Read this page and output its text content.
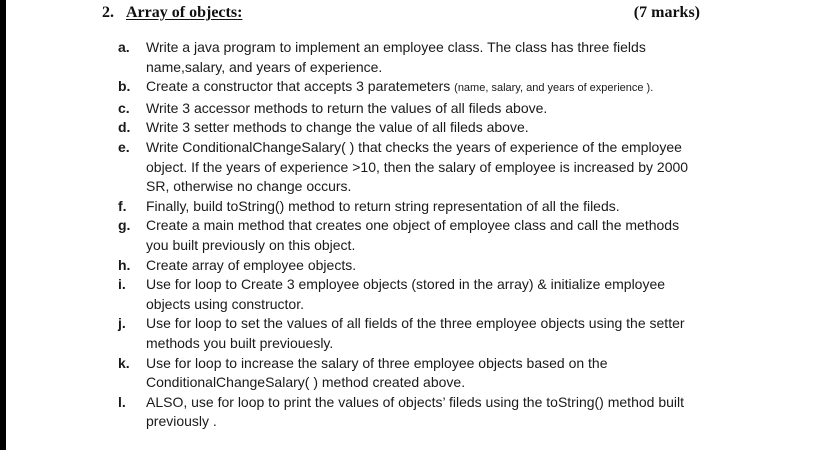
2. Array of objects:	(7 marks)
a.	Write a java program to implement an employee class. The class has three fields
name,salary, and years of experience.
b.	Create a constructor that accepts 3 paratemeters (name, salary, and years of experience ).
c.	Write 3 accessor methods to return the values of all fileds above.
d.	Write 3 setter methods to change the value of all fileds above.
e.	Write ConditionalChangeSalary( ) that checks the years of experience of the employee
object. If the years of experience >10, then the salary of employee is increased by 2000
SR, otherwise no change occurs.
f.	Finally, build toString() method to return string representation of all the fileds.
g.	Create a main method that creates one object of employee class and call the methods
you built previously on this object.
h.	Create array of employee objects.
i.	Use for loop to Create 3 employee objects (stored in the array) & initialize employee
objects using constructor.
j.	Use for loop to set the values of all fields of the three employee objects using the setter
methods you built previouesly.
k.	Use for loop to increase the salary of three employee objects based on the
ConditionalChangeSalary( ) method created above.
l.	ALSO, use for loop to print the values of objects’ fileds using the toString() method built
previously .
